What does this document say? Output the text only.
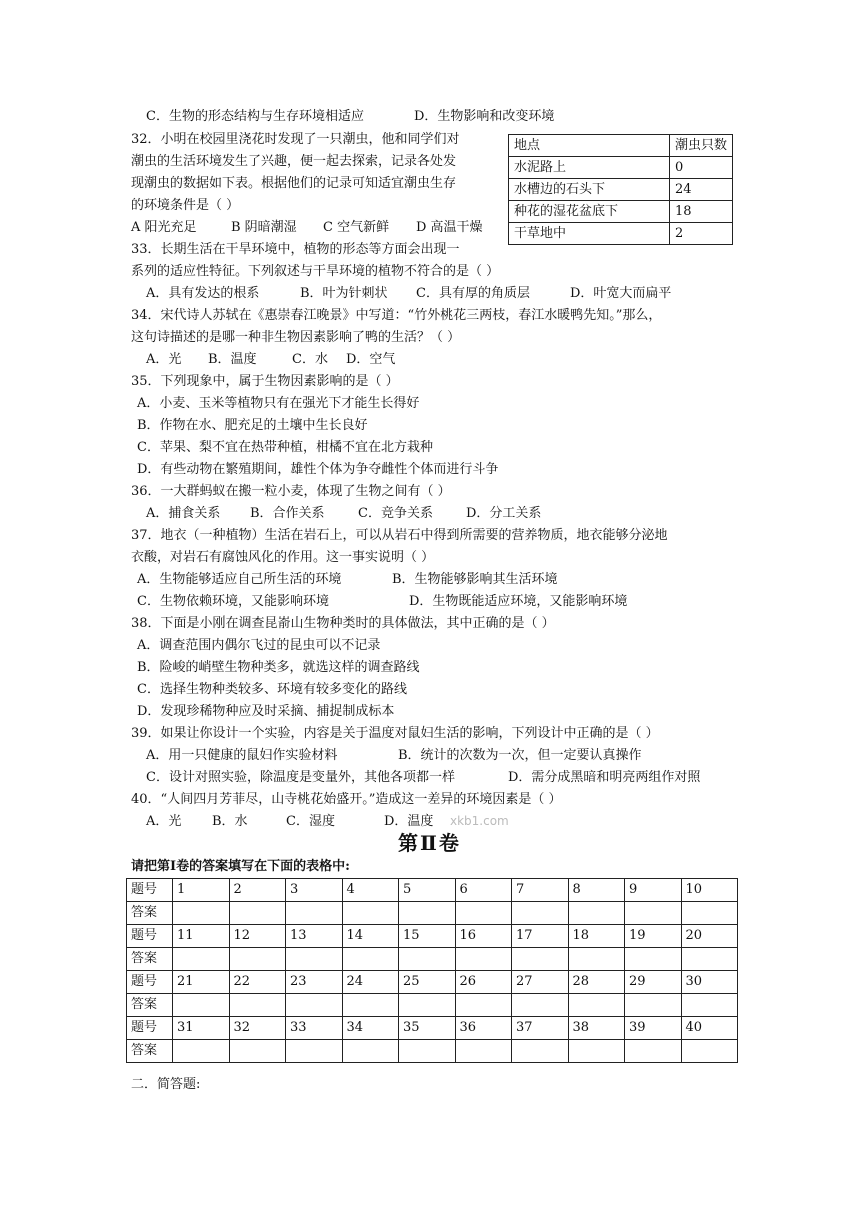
C．生物的形态结构与生存环境相适应	D．生物影响和改变环境
32．小明在校园里浇花时发现了一只潮虫，他和同学们对
潮虫的生活环境发生了兴趣，便一起去探索，记录各处发
现潮虫的数据如下表。根据他们的记录可知适宜潮虫生存
的环境条件是（ ）
A 阳光充足	B 阴暗潮湿 C 空气新鲜 D 高温干燥
地点	潮虫只数
水泥路上	0
水槽边的石头下	24
种花的湿花盆底下	18
干草地中	2
33．长期生活在干旱环境中，植物的形态等方面会出现一
系列的适应性特征。下列叙述与干旱环境的植物不符合的是（ ）
A．具有发达的根系	B．叶为针刺状 C．具有厚的角质层	D．叶宽大而扁平
34．宋代诗人苏轼在《惠崇春江晚景》中写道：“竹外桃花三两枝，春江水暖鸭先知。”那么，
这句诗描述的是哪一种非生物因素影响了鸭的生活？（ ）
A．光 B．温度	C．水 D．空气
35．下列现象中，属于生物因素影响的是（ ）
A．小麦、玉米等植物只有在强光下才能生长得好
B．作物在水、肥充足的土壤中生长良好
C．苹果、梨不宜在热带种植，柑橘不宜在北方栽种
D．有些动物在繁殖期间，雄性个体为争夺雌性个体而进行斗争
36．一大群蚂蚁在搬一粒小麦，体现了生物之间有（ ）
A．捕食关系 B．合作关系	C．竞争关系	D．分工关系
37．地衣（一种植物）生活在岩石上，可以从岩石中得到所需要的营养物质，地衣能够分泌地
衣酸，对岩石有腐蚀风化的作用。这一事实说明（ ）
A．生物能够适应自己所生活的环境	B．生物能够影响其生活环境
C．生物依赖环境，又能影响环境	D．生物既能适应环境，又能影响环境
38．下面是小刚在调查昆嵛山生物种类时的具体做法，其中正确的是（ ）
A．调查范围内偶尔飞过的昆虫可以不记录
B．险峻的峭壁生物种类多，就选这样的调查路线
C．选择生物种类较多、环境有较多变化的路线
D．发现珍稀物种应及时采摘、捕捉制成标本
39．如果让你设计一个实验，内容是关于温度对鼠妇生活的影响，下列设计中正确的是（ ）
A．用一只健康的鼠妇作实验材料	B．统计的次数为一次，但一定要认真操作
C．设计对照实验，除温度是变量外，其他各项都一样	D．需分成黑暗和明亮两组作对照
40．“人间四月芳菲尽，山寺桃花始盛开。”造成这一差异的环境因素是（ ）
A．光 B．水	C．湿度	D．温度 xkb1.com
第Ⅱ卷
请把第Ⅰ卷的答案填写在下面的表格中:
题号	1	2	3	4	5	6	7	8	9	10
答案										
题号	11	12	13	14	15	16	17	18	19	20
答案										
题号	21	22	23	24	25	26	27	28	29	30
答案										
题号	31	32	33	34	35	36	37	38	39	40
答案										
二．简答题:
